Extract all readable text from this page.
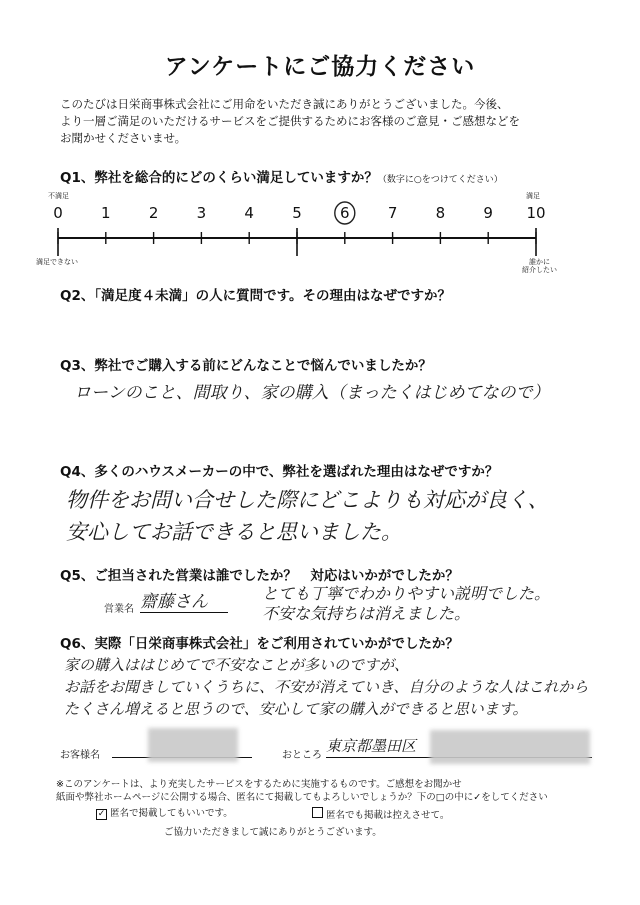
アンケートにご協力ください
このたびは日栄商事株式会社にご用命をいただき誠にありがとうございました。今後、
より一層ご満足のいただけるサービスをご提供するためにお客様のご意見・ご感想などを
お聞かせくださいませ。
Q1、弊社を総合的にどのくらい満足していますか？（数字に○をつけてください）
不満足	満足
0	1	2	3	4	5	6	7	8	9	10
満足できない	誰かに
紹介したい
Q2、「満足度４未満」の人に質問です。その理由はなぜですか？
Q3、弊社でご購入する前にどんなことで悩んでいましたか？
ローンのこと、間取り、家の購入（まったくはじめてなので）
Q4、多くのハウスメーカーの中で、弊社を選ばれた理由はなぜですか？
物件をお問い合せした際にどこよりも対応が良く、
安心してお話できると思いました。
Q5、ご担当された営業は誰でしたか？　対応はいかがでしたか？
営業名 齋藤さん	とても丁寧でわかりやすい説明でした。
不安な気持ちは消えました。
Q6、実際「日栄商事株式会社」をご利用されていかがでしたか？
家の購入ははじめてで不安なことが多いのですが、
お話をお聞きしていくうちに、不安が消えていき、自分のような人はこれから
たくさん増えると思うので、安心して家の購入ができると思います。
お客様名	おところ
東京都墨田区
※このアンケートは、より充実したサービスをするために実施するものです。ご感想をお聞かせ
紙面や弊社ホームページに公開する場合、匿名にて掲載してもよろしいでしょうか？下の□の中に✓をしてください
✓ 匿名で掲載してもいいです。	匿名でも掲載は控えさせて。
ご協力いただきまして誠にありがとうございます。
